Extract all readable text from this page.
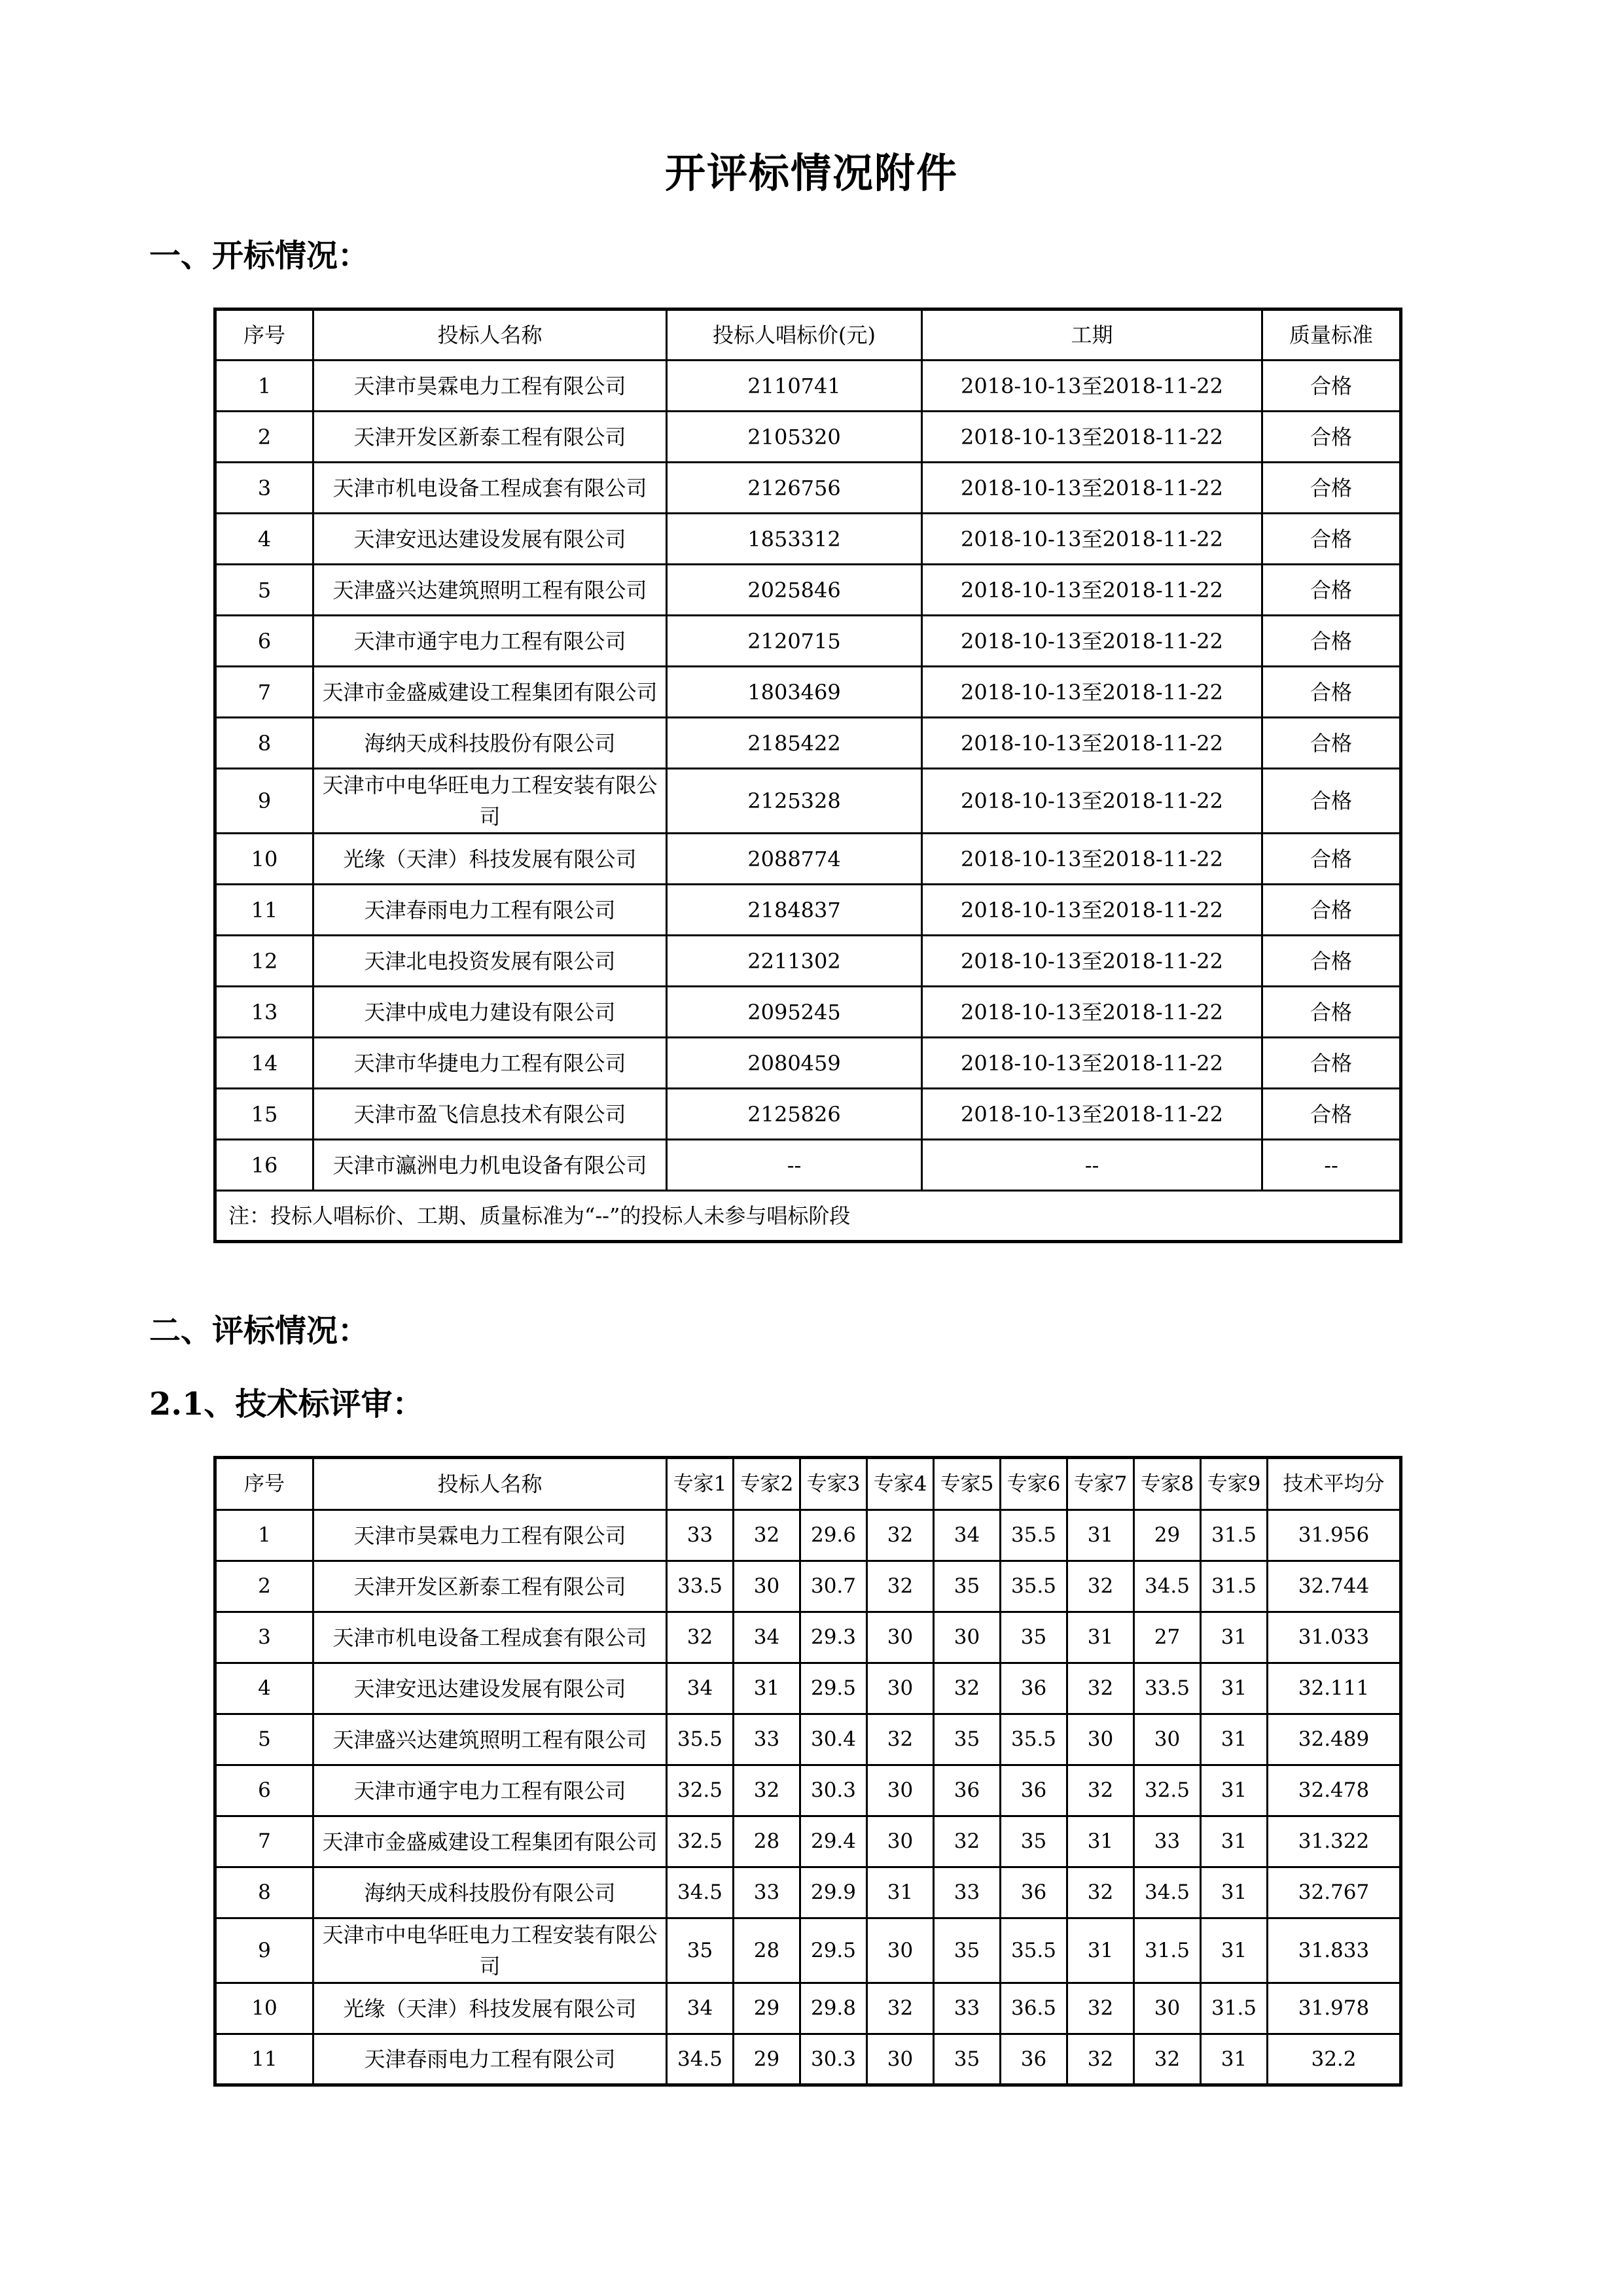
开评标情况附件
一、开标情况：
序号	投标人名称	投标人唱标价(元)	工期	质量标准
1	天津市昊霖电力工程有限公司	2110741	2018-10-13至2018-11-22	合格
2	天津开发区新泰工程有限公司	2105320	2018-10-13至2018-11-22	合格
3	天津市机电设备工程成套有限公司	2126756	2018-10-13至2018-11-22	合格
4	天津安迅达建设发展有限公司	1853312	2018-10-13至2018-11-22	合格
5	天津盛兴达建筑照明工程有限公司	2025846	2018-10-13至2018-11-22	合格
6	天津市通宇电力工程有限公司	2120715	2018-10-13至2018-11-22	合格
7	天津市金盛威建设工程集团有限公司	1803469	2018-10-13至2018-11-22	合格
8	海纳天成科技股份有限公司	2185422	2018-10-13至2018-11-22	合格
9	天津市中电华旺电力工程安装有限公司	2125328	2018-10-13至2018-11-22	合格
10	光缘（天津）科技发展有限公司	2088774	2018-10-13至2018-11-22	合格
11	天津春雨电力工程有限公司	2184837	2018-10-13至2018-11-22	合格
12	天津北电投资发展有限公司	2211302	2018-10-13至2018-11-22	合格
13	天津中成电力建设有限公司	2095245	2018-10-13至2018-11-22	合格
14	天津市华捷电力工程有限公司	2080459	2018-10-13至2018-11-22	合格
15	天津市盈飞信息技术有限公司	2125826	2018-10-13至2018-11-22	合格
16	天津市瀛洲电力机电设备有限公司	--	--	--
注：投标人唱标价、工期、质量标准为“--”的投标人未参与唱标阶段				
二、评标情况：
2.1、技术标评审：
序号	投标人名称	专家1	专家2	专家3	专家4	专家5	专家6	专家7	专家8	专家9	技术平均分
1	天津市昊霖电力工程有限公司	33	32	29.6	32	34	35.5	31	29	31.5	31.956
2	天津开发区新泰工程有限公司	33.5	30	30.7	32	35	35.5	32	34.5	31.5	32.744
3	天津市机电设备工程成套有限公司	32	34	29.3	30	30	35	31	27	31	31.033
4	天津安迅达建设发展有限公司	34	31	29.5	30	32	36	32	33.5	31	32.111
5	天津盛兴达建筑照明工程有限公司	35.5	33	30.4	32	35	35.5	30	30	31	32.489
6	天津市通宇电力工程有限公司	32.5	32	30.3	30	36	36	32	32.5	31	32.478
7	天津市金盛威建设工程集团有限公司	32.5	28	29.4	30	32	35	31	33	31	31.322
8	海纳天成科技股份有限公司	34.5	33	29.9	31	33	36	32	34.5	31	32.767
9	天津市中电华旺电力工程安装有限公司	35	28	29.5	30	35	35.5	31	31.5	31	31.833
10	光缘（天津）科技发展有限公司	34	29	29.8	32	33	36.5	32	30	31.5	31.978
11	天津春雨电力工程有限公司	34.5	29	30.3	30	35	36	32	32	31	32.2
